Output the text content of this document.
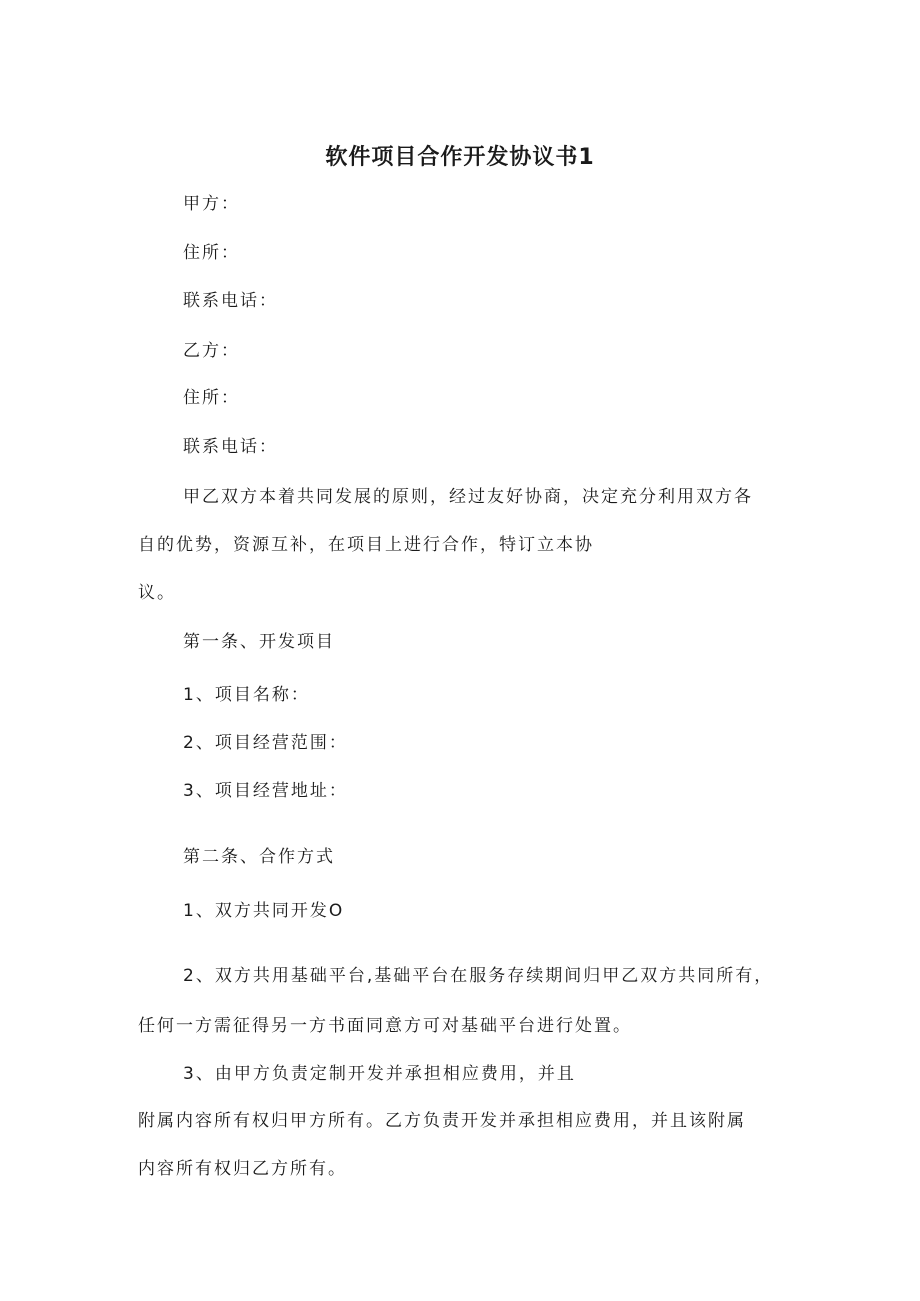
软件项目合作开发协议书1
甲方：
住所：
联系电话：
乙方：
住所：
联系电话：
甲乙双方本着共同发展的原则，经过友好协商，决定充分利用双方各
自的优势，资源互补，在项目上进行合作，特订立本协
议。
第一条、开发项目
1、项目名称：
2、项目经营范围：
3、项目经营地址：
第二条、合作方式
1、双方共同开发O
2、双方共用基础平台,基础平台在服务存续期间归甲乙双方共同所有，
任何一方需征得另一方书面同意方可对基础平台进行处置。
3、由甲方负责定制开发并承担相应费用，并且
附属内容所有权归甲方所有。乙方负责开发并承担相应费用，并且该附属
内容所有权归乙方所有。
